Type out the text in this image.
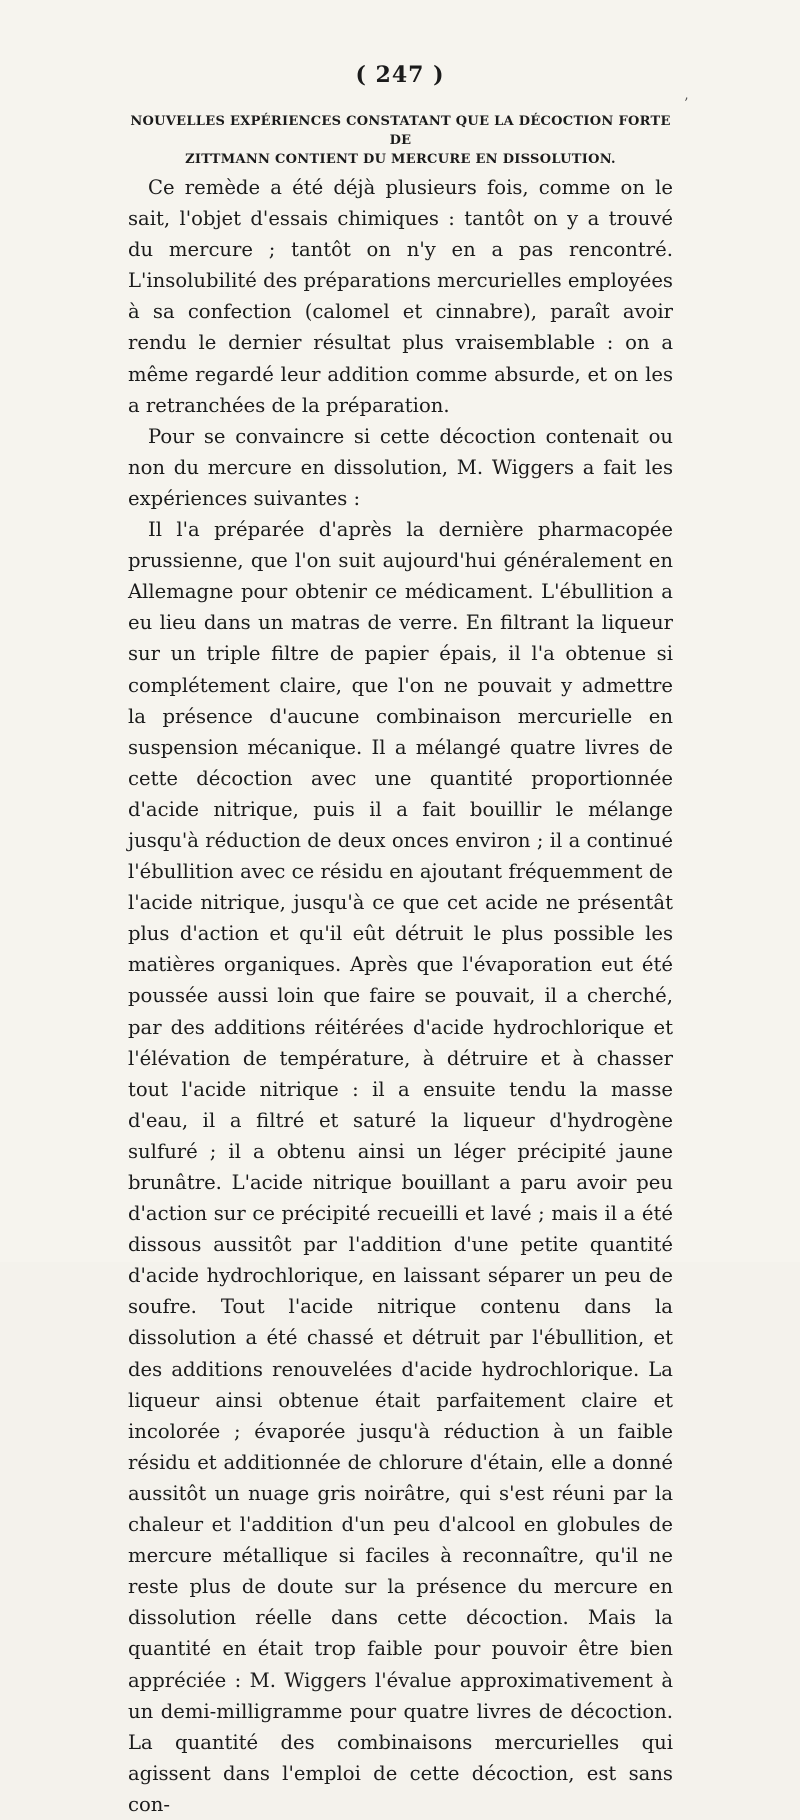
( 247 )
’
NOUVELLES EXPÉRIENCES CONSTATANT QUE LA DÉCOCTION FORTE DE
ZITTMANN CONTIENT DU MERCURE EN DISSOLUTION.

Ce remède a été déjà plusieurs fois, comme on le sait, l'objet d'essais chimiques : tantôt on y a trouvé du mercure ; tantôt on n'y en a pas rencontré. L'insolubilité des préparations mercurielles employées à sa confection (calomel et cinnabre), paraît avoir rendu le dernier résultat plus vraisemblable : on a même regardé leur addition comme absurde, et on les a retranchées de la préparation.

Pour se convaincre si cette décoction contenait ou non du mercure en dissolution, M. Wiggers a fait les expériences suivantes :

Il l'a préparée d'après la dernière pharmacopée prussienne, que l'on suit aujourd'hui généralement en Allemagne pour obtenir ce médicament. L'ébullition a eu lieu dans un matras de verre. En filtrant la liqueur sur un triple filtre de papier épais, il l'a obtenue si complétement claire, que l'on ne pouvait y admettre la présence d'aucune combinaison mercurielle en suspension mécanique. Il a mélangé quatre livres de cette décoction avec une quantité proportionnée d'acide nitrique, puis il a fait bouillir le mélange jusqu'à réduction de deux onces environ ; il a continué l'ébullition avec ce résidu en ajoutant fréquemment de l'acide nitrique, jusqu'à ce que cet acide ne présentât plus d'action et qu'il eût détruit le plus possible les matières organiques. Après que l'évaporation eut été poussée aussi loin que faire se pouvait, il a cherché, par des additions réitérées d'acide hydrochlorique et l'élévation de température, à détruire et à chasser tout l'acide nitrique : il a ensuite tendu la masse d'eau, il a filtré et saturé la liqueur d'hydrogène sulfuré ; il a obtenu ainsi un léger précipité jaune brunâtre. L'acide nitrique bouillant a paru avoir peu d'action sur ce précipité recueilli et lavé ; mais il a été dissous aussitôt par l'addition d'une petite quantité d'acide hydrochlorique, en laissant séparer un peu de soufre. Tout l'acide nitrique contenu dans la dissolution a été chassé et détruit par l'ébullition, et des additions renouvelées d'acide hydrochlorique. La liqueur ainsi obtenue était parfaitement claire et incolorée ; évaporée jusqu'à réduction à un faible résidu et additionnée de chlorure d'étain, elle a donné aussitôt un nuage gris noirâtre, qui s'est réuni par la chaleur et l'addition d'un peu d'alcool en globules de mercure métallique si faciles à reconnaître, qu'il ne reste plus de doute sur la présence du mercure en dissolution réelle dans cette décoction. Mais la quantité en était trop faible pour pouvoir être bien appréciée : M. Wiggers l'évalue approximativement à un demi-milligramme pour quatre livres de décoction. La quantité des combinaisons mercurielles qui agissent dans l'emploi de cette décoction, est sans con-
